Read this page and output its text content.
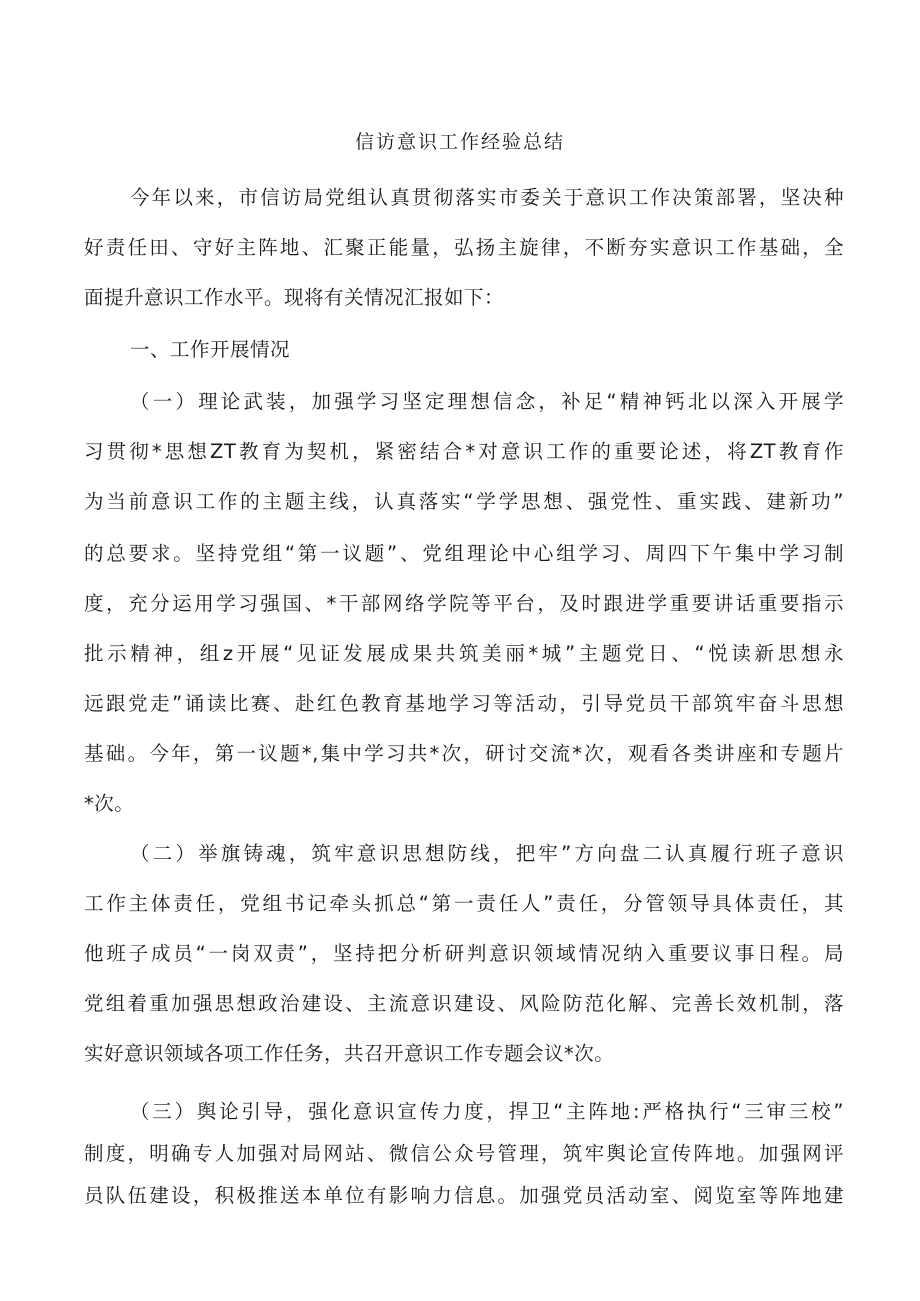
信访意识工作经验总结
今年以来，市信访局党组认真贯彻落实市委关于意识工作决策部署，坚决种
好责任田、守好主阵地、汇聚正能量，弘扬主旋律，不断夯实意识工作基础，全
面提升意识工作水平。现将有关情况汇报如下：
一、工作开展情况
（一）理论武装，加强学习坚定理想信念，补足“精神钙北以深入开展学
习贯彻*思想ZT教育为契机，紧密结合*对意识工作的重要论述，将ZT教育作
为当前意识工作的主题主线，认真落实“学学思想、强党性、重实践、建新功”
的总要求。坚持党组“第一议题”、党组理论中心组学习、周四下午集中学习制
度，充分运用学习强国、*干部网络学院等平台，及时跟进学重要讲话重要指示
批示精神，组z开展“见证发展成果共筑美丽*城”主题党日、“悦读新思想永
远跟党走”诵读比赛、赴红色教育基地学习等活动，引导党员干部筑牢奋斗思想
基础。今年，第一议题*,集中学习共*次，研讨交流*次，观看各类讲座和专题片
*次。
（二）举旗铸魂，筑牢意识思想防线，把牢”方向盘二认真履行班子意识
工作主体责任，党组书记牵头抓总“第一责任人”责任，分管领导具体责任，其
他班子成员“一岗双责”，坚持把分析研判意识领域情况纳入重要议事日程。局
党组着重加强思想政治建设、主流意识建设、风险防范化解、完善长效机制，落
实好意识领域各项工作任务，共召开意识工作专题会议*次。
（三）舆论引导，强化意识宣传力度，捍卫“主阵地:严格执行“三审三校”
制度，明确专人加强对局网站、微信公众号管理，筑牢舆论宣传阵地。加强网评
员队伍建设，积极推送本单位有影响力信息。加强党员活动室、阅览室等阵地建
